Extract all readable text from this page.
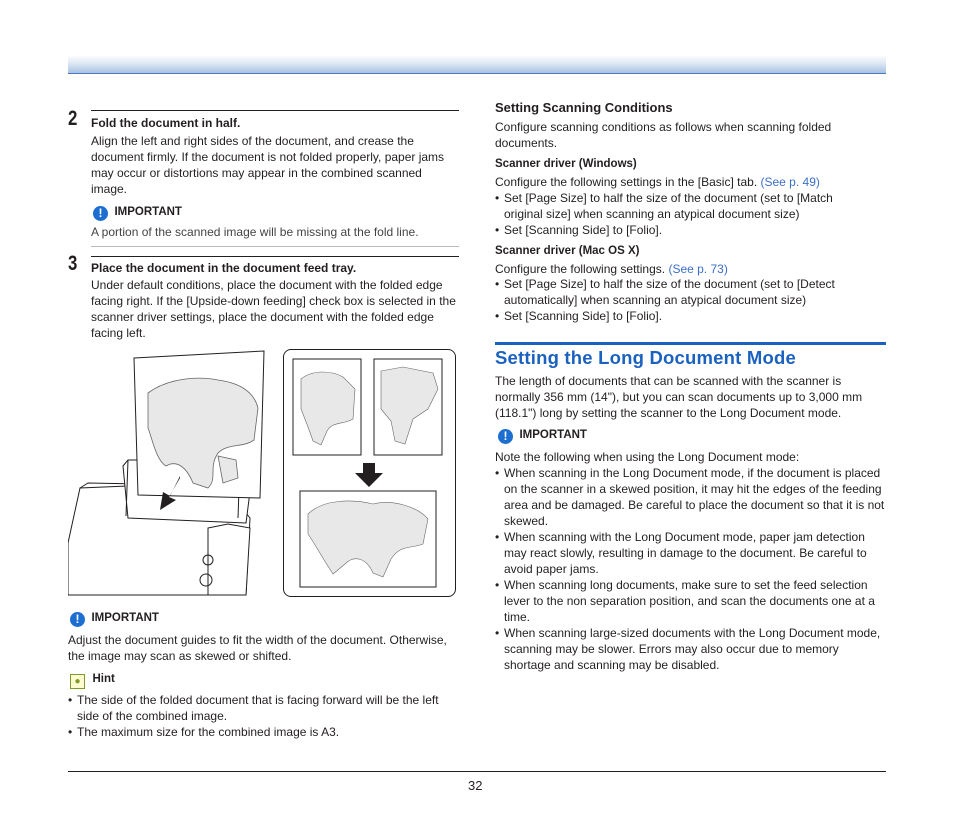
2 Fold the document in half.
Align the left and right sides of the document, and crease the document firmly. If the document is not folded properly, paper jams may occur or distortions may appear in the combined scanned image.
! IMPORTANT
A portion of the scanned image will be missing at the fold line.
3 Place the document in the document feed tray.
Under default conditions, place the document with the folded edge facing right. If the [Upside-down feeding] check box is selected in the scanner driver settings, place the document with the folded edge facing left.
! IMPORTANT
Adjust the document guides to fit the width of the document. Otherwise, the image may scan as skewed or shifted.
● Hint
• The side of the folded document that is facing forward will be the left side of the combined image.
• The maximum size for the combined image is A3.
Setting Scanning Conditions
Configure scanning conditions as follows when scanning folded documents.
Scanner driver (Windows)
Configure the following settings in the [Basic] tab. (See p. 49)
• Set [Page Size] to half the size of the document (set to [Match original size] when scanning an atypical document size)
• Set [Scanning Side] to [Folio].
Scanner driver (Mac OS X)
Configure the following settings. (See p. 73)
• Set [Page Size] to half the size of the document (set to [Detect automatically] when scanning an atypical document size)
• Set [Scanning Side] to [Folio].
Setting the Long Document Mode
The length of documents that can be scanned with the scanner is normally 356 mm (14"), but you can scan documents up to 3,000 mm (118.1") long by setting the scanner to the Long Document mode.
! IMPORTANT
Note the following when using the Long Document mode:
• When scanning in the Long Document mode, if the document is placed on the scanner in a skewed position, it may hit the edges of the feeding area and be damaged. Be careful to place the document so that it is not skewed.
• When scanning with the Long Document mode, paper jam detection may react slowly, resulting in damage to the document. Be careful to avoid paper jams.
• When scanning long documents, make sure to set the feed selection lever to the non separation position, and scan the documents one at a time.
• When scanning large-sized documents with the Long Document mode, scanning may be slower. Errors may also occur due to memory shortage and scanning may be disabled.
32
